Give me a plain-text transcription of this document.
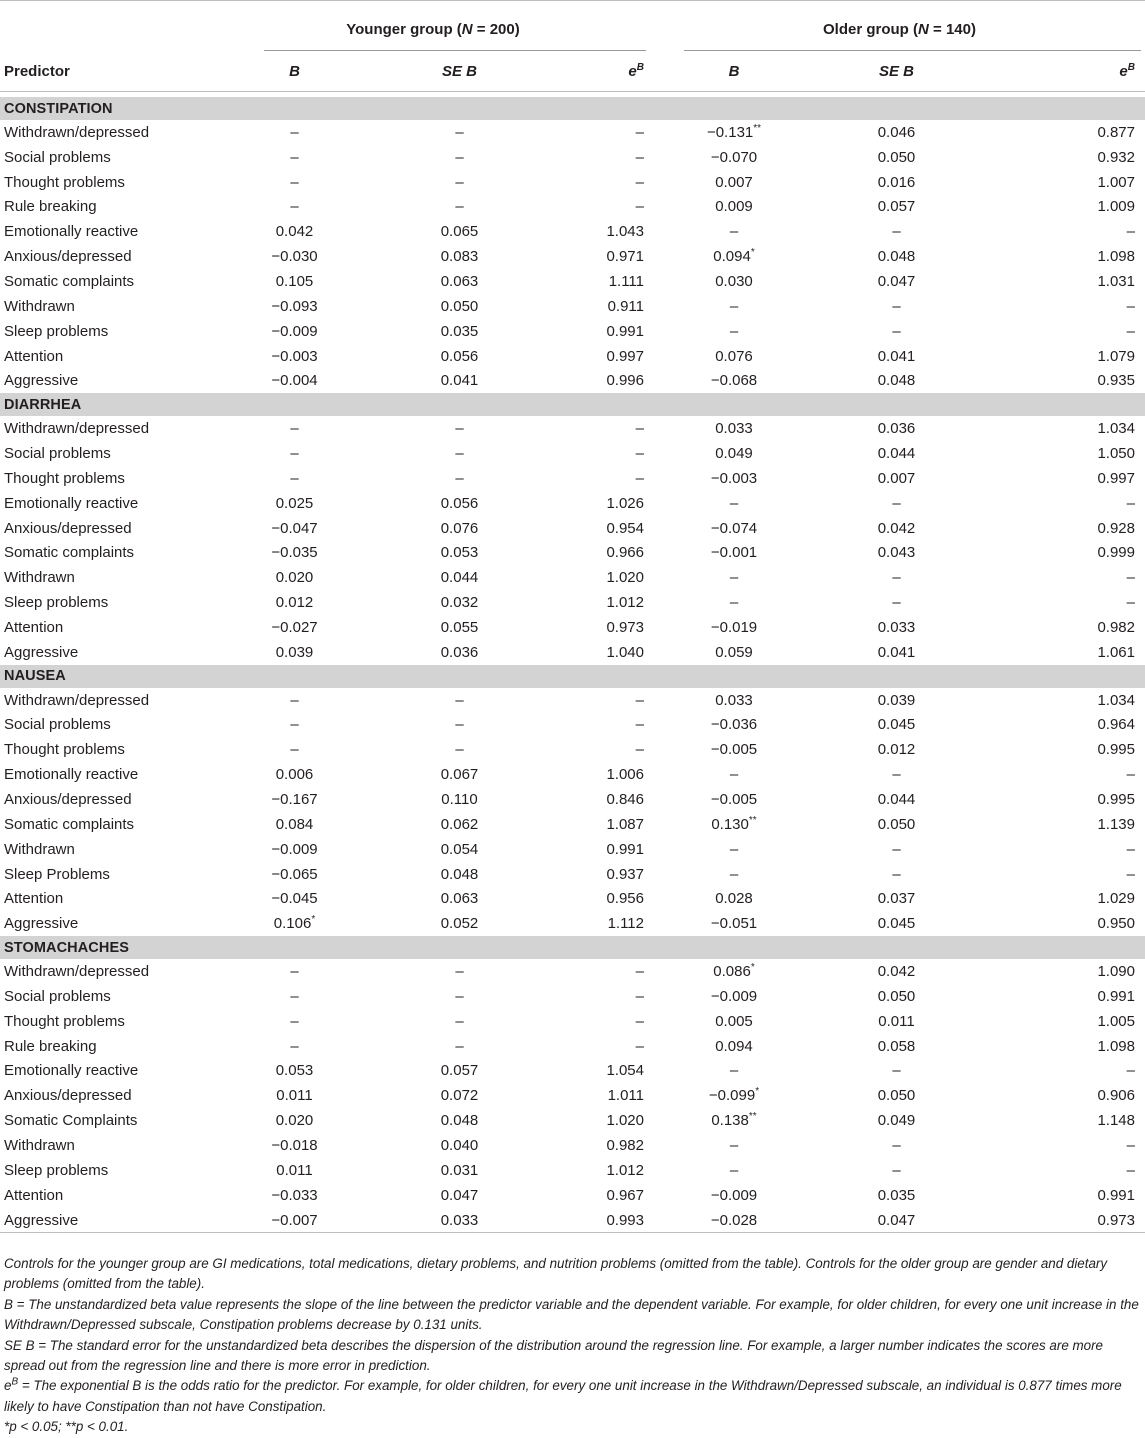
	Younger group (N = 200)			Older group (N = 140)		

Predictor	B	SE B	$e^B$	B	SE B	$e^B$

CONSTIPATION						
Withdrawn/depressed	–	–	–	−0.131**	0.046	0.877
Social problems	–	–	–	−0.070	0.050	0.932
Thought problems	–	–	–	0.007	0.016	1.007
Rule breaking	–	–	–	0.009	0.057	1.009
Emotionally reactive	0.042	0.065	1.043	–	–	–
Anxious/depressed	−0.030	0.083	0.971	0.094*	0.048	1.098
Somatic complaints	0.105	0.063	1.111	0.030	0.047	1.031
Withdrawn	−0.093	0.050	0.911	–	–	–
Sleep problems	−0.009	0.035	0.991	–	–	–
Attention	−0.003	0.056	0.997	0.076	0.041	1.079
Aggressive	−0.004	0.041	0.996	−0.068	0.048	0.935
DIARRHEA						
Withdrawn/depressed	–	–	–	0.033	0.036	1.034
Social problems	–	–	–	0.049	0.044	1.050
Thought problems	–	–	–	−0.003	0.007	0.997
Emotionally reactive	0.025	0.056	1.026	–	–	–
Anxious/depressed	−0.047	0.076	0.954	−0.074	0.042	0.928
Somatic complaints	−0.035	0.053	0.966	−0.001	0.043	0.999
Withdrawn	0.020	0.044	1.020	–	–	–
Sleep problems	0.012	0.032	1.012	–	–	–
Attention	−0.027	0.055	0.973	−0.019	0.033	0.982
Aggressive	0.039	0.036	1.040	0.059	0.041	1.061
NAUSEA						
Withdrawn/depressed	–	–	–	0.033	0.039	1.034
Social problems	–	–	–	−0.036	0.045	0.964
Thought problems	–	–	–	−0.005	0.012	0.995
Emotionally reactive	0.006	0.067	1.006	–	–	–
Anxious/depressed	−0.167	0.110	0.846	−0.005	0.044	0.995
Somatic complaints	0.084	0.062	1.087	0.130**	0.050	1.139
Withdrawn	−0.009	0.054	0.991	–	–	–
Sleep Problems	−0.065	0.048	0.937	–	–	–
Attention	−0.045	0.063	0.956	0.028	0.037	1.029
Aggressive	0.106*	0.052	1.112	−0.051	0.045	0.950
STOMACHACHES						
Withdrawn/depressed	–	–	–	0.086*	0.042	1.090
Social problems	–	–	–	−0.009	0.050	0.991
Thought problems	–	–	–	0.005	0.011	1.005
Rule breaking	–	–	–	0.094	0.058	1.098
Emotionally reactive	0.053	0.057	1.054	–	–	–
Anxious/depressed	0.011	0.072	1.011	−0.099*	0.050	0.906
Somatic Complaints	0.020	0.048	1.020	0.138**	0.049	1.148
Withdrawn	−0.018	0.040	0.982	–	–	–
Sleep problems	0.011	0.031	1.012	–	–	–
Attention	−0.033	0.047	0.967	−0.009	0.035	0.991
Aggressive	−0.007	0.033	0.993	−0.028	0.047	0.973

Controls for the younger group are GI medications, total medications, dietary problems, and nutrition problems (omitted from the table). Controls for the older group are gender and dietary problems (omitted from the table).

B = The unstandardized beta value represents the slope of the line between the predictor variable and the dependent variable. For example, for older children, for every one unit increase in the Withdrawn/Depressed subscale, Constipation problems decrease by 0.131 units.

SE B = The standard error for the unstandardized beta describes the dispersion of the distribution around the regression line. For example, a larger number indicates the scores are more spread out from the regression line and there is more error in prediction.

$e^B$ = The exponential B is the odds ratio for the predictor. For example, for older children, for every one unit increase in the Withdrawn/Depressed subscale, an individual is 0.877 times more likely to have Constipation than not have Constipation.

*p < 0.05; **p < 0.01.
